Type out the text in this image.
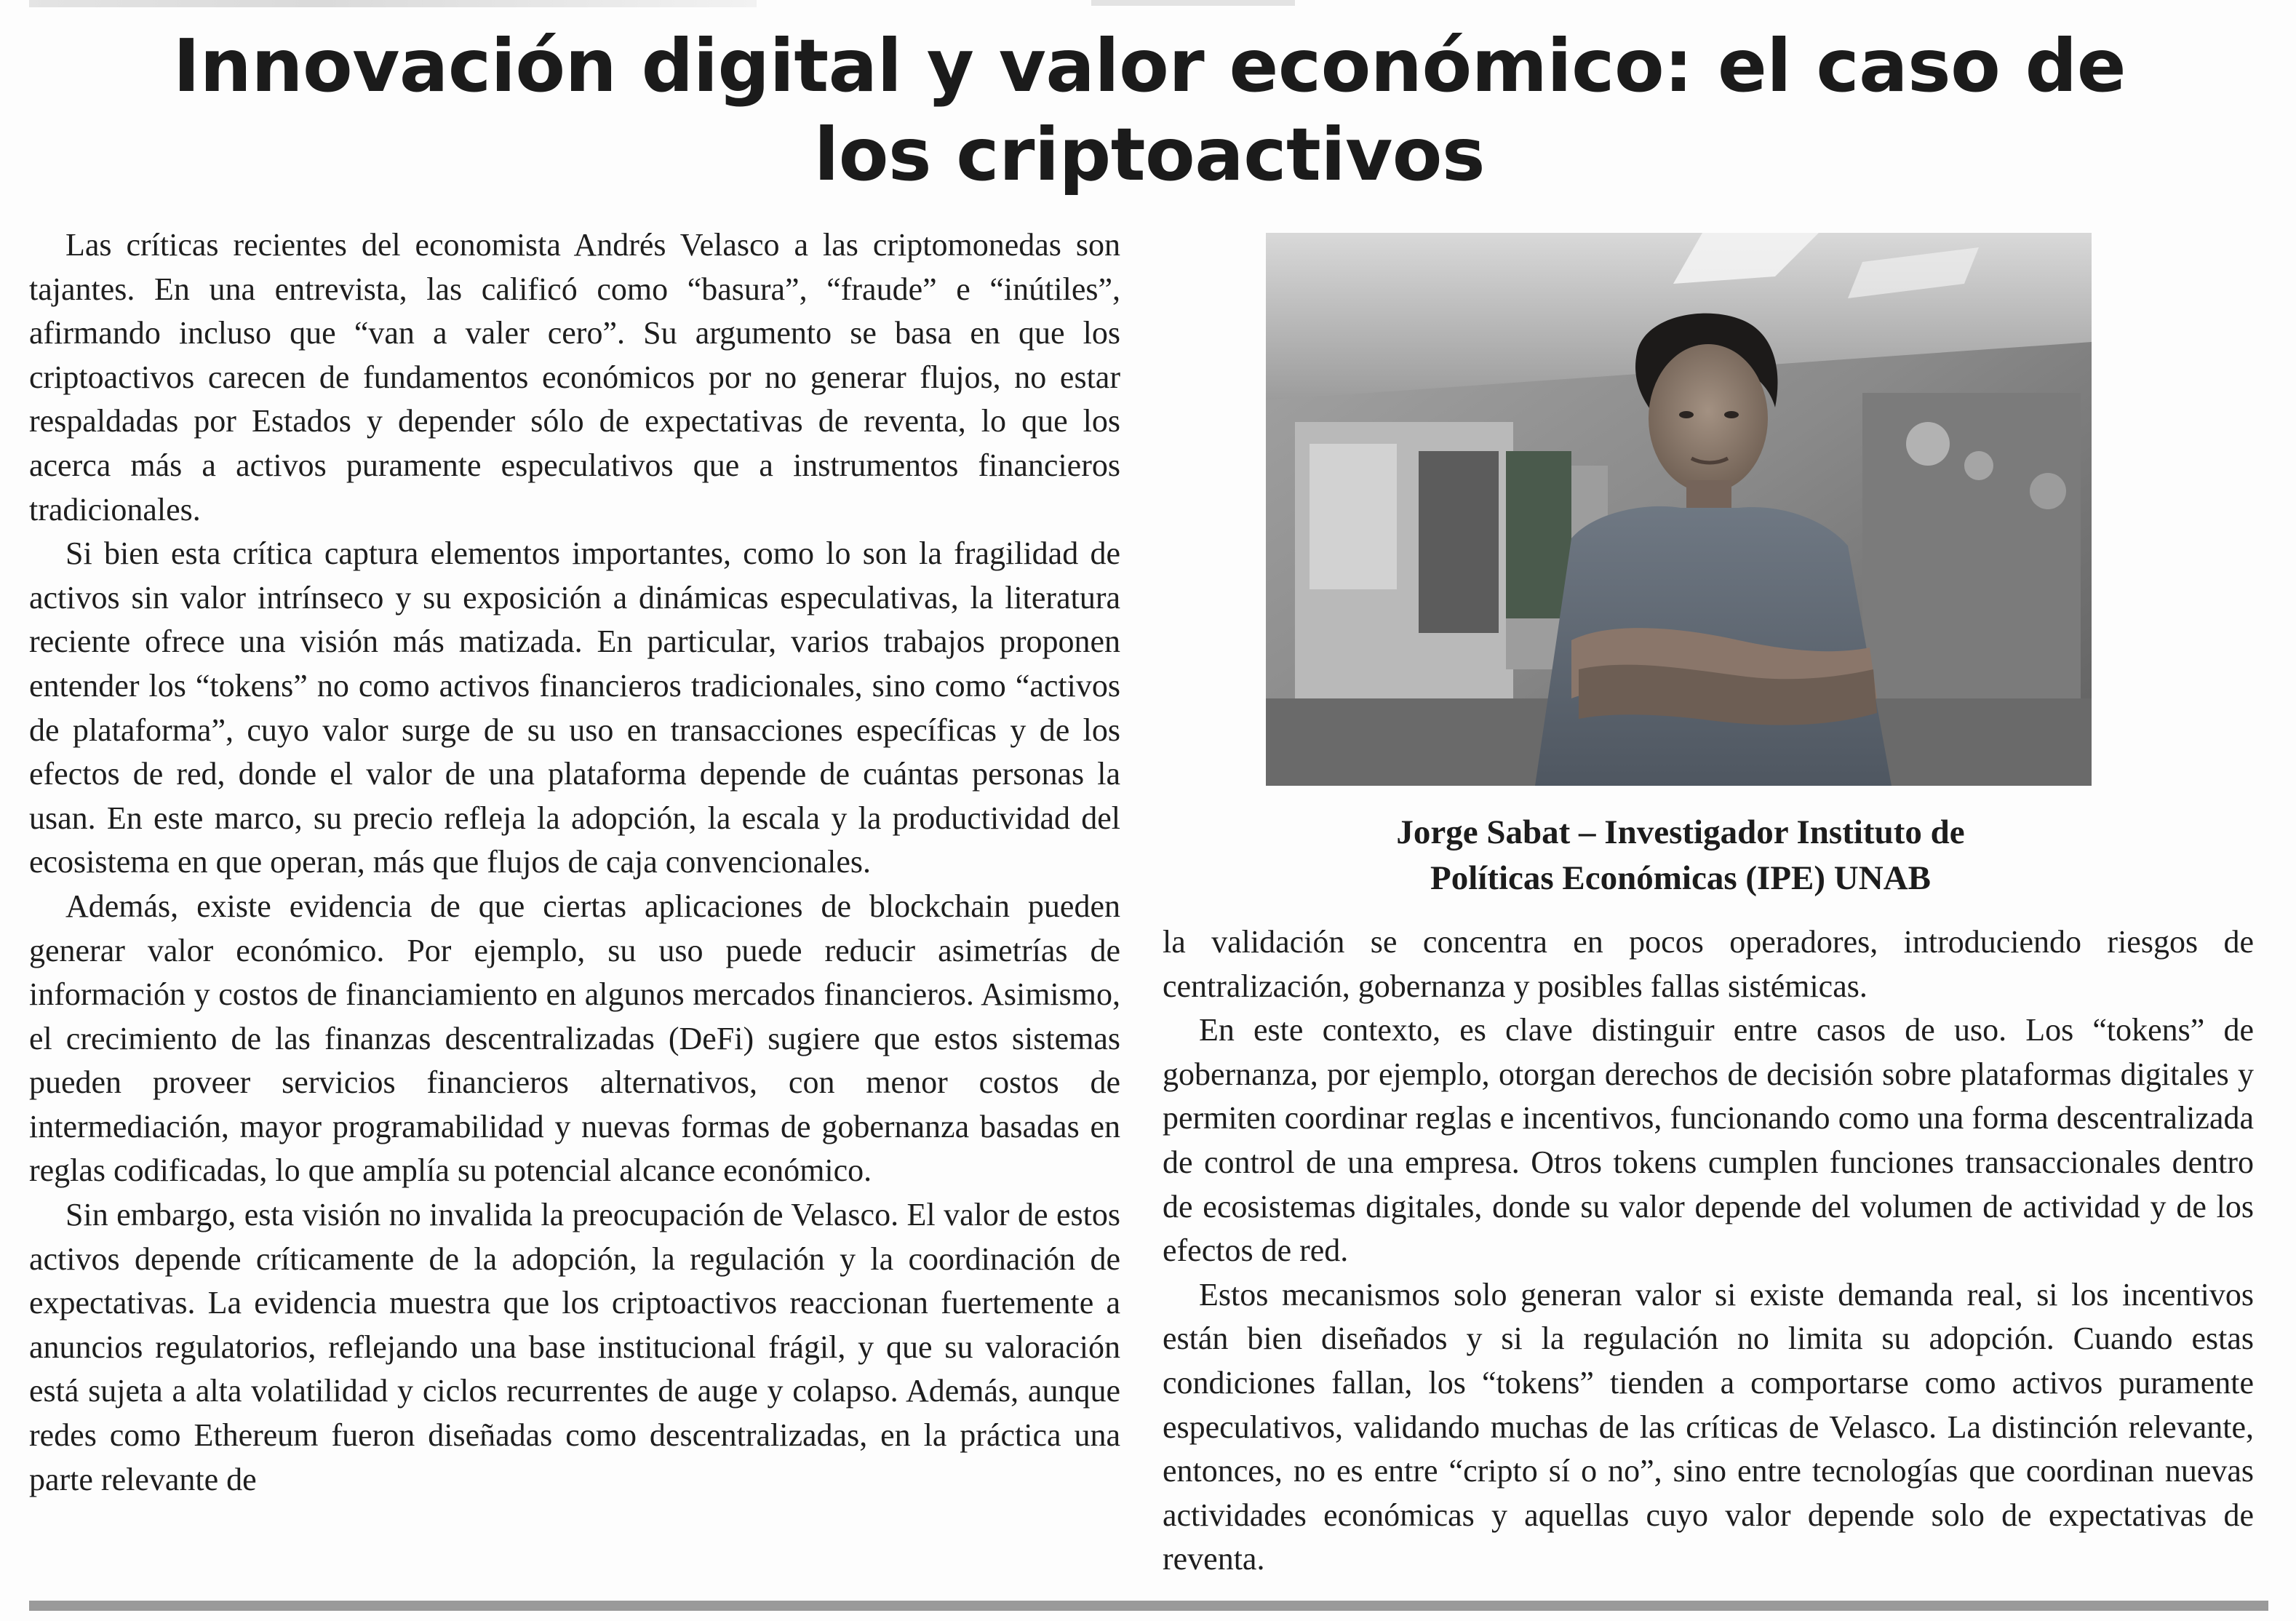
Innovación digital y valor económico: el caso de los criptoactivos

Las críticas recientes del economista Andrés Velasco a las criptomonedas son tajantes. En una entrevista, las calificó como “basura”, “fraude” e “inútiles”, afirmando incluso que “van a valer cero”. Su argumento se basa en que los criptoactivos carecen de fundamentos económicos por no generar flujos, no estar respaldadas por Estados y depender sólo de expectativas de reventa, lo que los acerca más a activos puramente especulativos que a instrumentos financieros tradicionales.

Si bien esta crítica captura elementos importantes, como lo son la fragilidad de activos sin valor intrínseco y su exposición a dinámicas especulativas, la literatura reciente ofrece una visión más matizada. En particular, varios trabajos proponen entender los “tokens” no como activos financieros tradicionales, sino como “activos de plataforma”, cuyo valor surge de su uso en transacciones específicas y de los efectos de red, donde el valor de una plataforma depende de cuántas personas la usan. En este marco, su precio refleja la adopción, la escala y la productividad del ecosistema en que operan, más que flujos de caja convencionales.

Además, existe evidencia de que ciertas aplicaciones de blockchain pueden generar valor económico. Por ejemplo, su uso puede reducir asimetrías de información y costos de financiamiento en algunos mercados financieros. Asimismo, el crecimiento de las finanzas descentralizadas (DeFi) sugiere que estos sistemas pueden proveer servicios financieros alternativos, con menor costos de intermediación, mayor programabilidad y nuevas formas de gobernanza basadas en reglas codificadas, lo que amplía su potencial alcance económico.

Sin embargo, esta visión no invalida la preocupación de Velasco. El valor de estos activos depende críticamente de la adopción, la regulación y la coordinación de expectativas. La evidencia muestra que los criptoactivos reaccionan fuertemente a anuncios regulatorios, reflejando una base institucional frágil, y que su valoración está sujeta a alta volatilidad y ciclos recurrentes de auge y colapso. Además, aunque redes como Ethereum fueron diseñadas como descentralizadas, en la práctica una parte relevante de

Jorge Sabat – Investigador Instituto de
Políticas Económicas (IPE) UNAB

la validación se concentra en pocos operadores, introduciendo riesgos de centralización, gobernanza y posibles fallas sistémicas.

En este contexto, es clave distinguir entre casos de uso. Los “tokens” de gobernanza, por ejemplo, otorgan derechos de decisión sobre plataformas digitales y permiten coordinar reglas e incentivos, funcionando como una forma descentralizada de control de una empresa. Otros tokens cumplen funciones transaccionales dentro de ecosistemas digitales, donde su valor depende del volumen de actividad y de los efectos de red.

Estos mecanismos solo generan valor si existe demanda real, si los incentivos están bien diseñados y si la regulación no limita su adopción. Cuando estas condiciones fallan, los “tokens” tienden a comportarse como activos puramente especulativos, validando muchas de las críticas de Velasco. La distinción relevante, entonces, no es entre “cripto sí o no”, sino entre tecnologías que coordinan nuevas actividades económicas y aquellas cuyo valor depende solo de expectativas de reventa.
